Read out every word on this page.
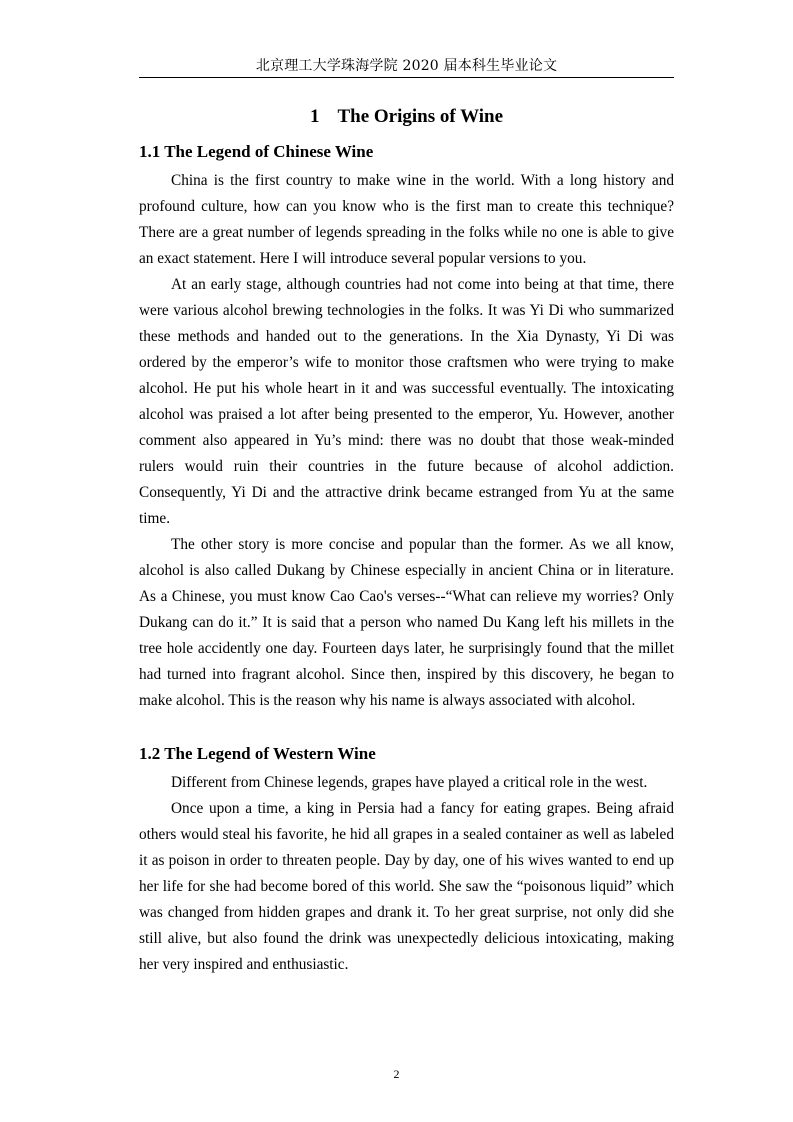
北京理工大学珠海学院 2020 届本科生毕业论文
1 The Origins of Wine
1.1 The Legend of Chinese Wine

China is the first country to make wine in the world. With a long history and profound culture, how can you know who is the first man to create this technique? There are a great number of legends spreading in the folks while no one is able to give an exact statement. Here I will introduce several popular versions to you.

At an early stage, although countries had not come into being at that time, there were various alcohol brewing technologies in the folks. It was Yi Di who summarized these methods and handed out to the generations. In the Xia Dynasty, Yi Di was ordered by the emperor’s wife to monitor those craftsmen who were trying to make alcohol. He put his whole heart in it and was successful eventually. The intoxicating alcohol was praised a lot after being presented to the emperor, Yu. However, another comment also appeared in Yu’s mind: there was no doubt that those weak-minded rulers would ruin their countries in the future because of alcohol addiction. Consequently, Yi Di and the attractive drink became estranged from Yu at the same time.

The other story is more concise and popular than the former. As we all know, alcohol is also called Dukang by Chinese especially in ancient China or in literature. As a Chinese, you must know Cao Cao's verses--“What can relieve my worries? Only Dukang can do it.” It is said that a person who named Du Kang left his millets in the tree hole accidently one day. Fourteen days later, he surprisingly found that the millet had turned into fragrant alcohol. Since then, inspired by this discovery, he began to make alcohol. This is the reason why his name is always associated with alcohol.

1.2 The Legend of Western Wine

Different from Chinese legends, grapes have played a critical role in the west.

Once upon a time, a king in Persia had a fancy for eating grapes. Being afraid others would steal his favorite, he hid all grapes in a sealed container as well as labeled it as poison in order to threaten people. Day by day, one of his wives wanted to end up her life for she had become bored of this world. She saw the “poisonous liquid” which was changed from hidden grapes and drank it. To her great surprise, not only did she still alive, but also found the drink was unexpectedly delicious intoxicating, making her very inspired and enthusiastic.

2
